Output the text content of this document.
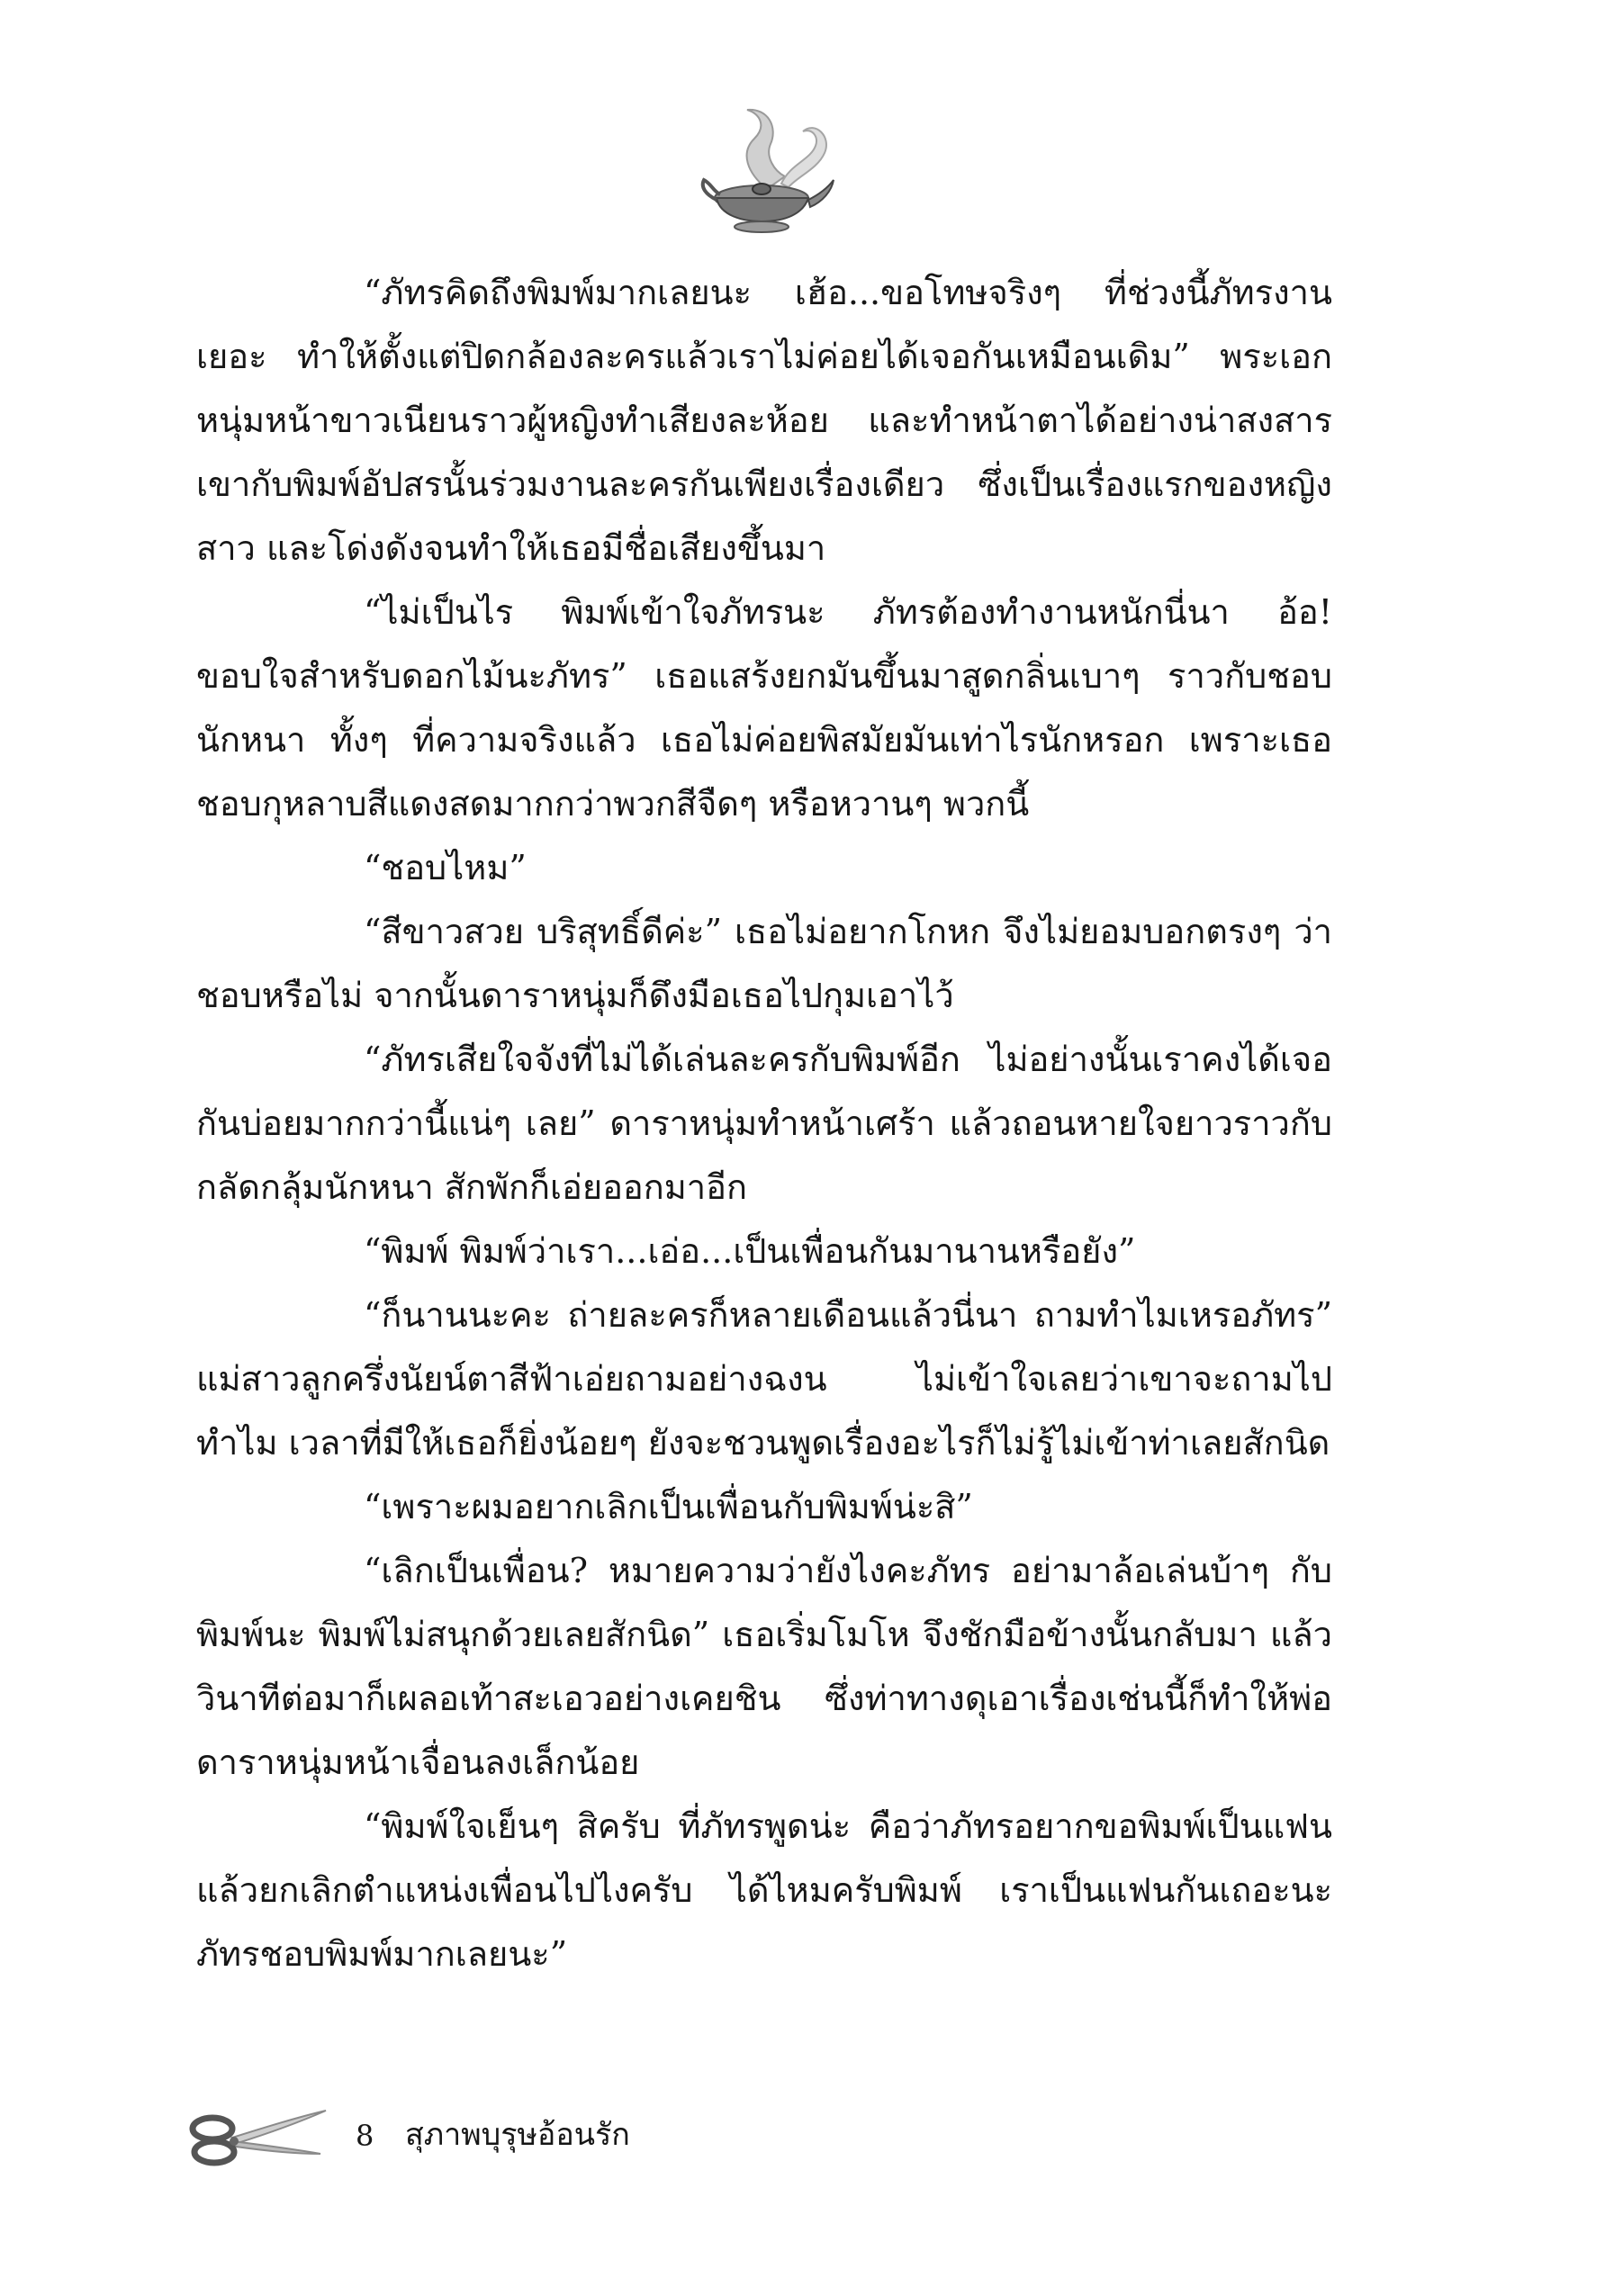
“ภัทรคิดถึงพิมพ์มากเลยนะ เฮ้อ...ขอโทษจริงๆ ที่ช่วงนี้ภัทรงานเยอะ ทำให้ตั้งแต่ปิดกล้องละครแล้วเราไม่ค่อยได้เจอกันเหมือนเดิม” พระเอกหนุ่มหน้าขาวเนียนราวผู้หญิงทำเสียงละห้อย และทำหน้าตาได้อย่างน่าสงสาร เขากับพิมพ์อัปสรนั้นร่วมงานละครกันเพียงเรื่องเดียว ซึ่งเป็นเรื่องแรกของหญิงสาว และโด่งดังจนทำให้เธอมีชื่อเสียงขึ้นมา

“ไม่เป็นไร พิมพ์เข้าใจภัทรนะ ภัทรต้องทำงานหนักนี่นา อ้อ! ขอบใจสำหรับดอกไม้นะภัทร” เธอแสร้งยกมันขึ้นมาสูดกลิ่นเบาๆ ราวกับชอบนักหนา ทั้งๆ ที่ความจริงแล้ว เธอไม่ค่อยพิสมัยมันเท่าไรนักหรอก เพราะเธอชอบกุหลาบสีแดงสดมากกว่าพวกสีจืดๆ หรือหวานๆ พวกนี้

“ชอบไหม”

“สีขาวสวย บริสุทธิ์ดีค่ะ” เธอไม่อยากโกหก จึงไม่ยอมบอกตรงๆ ว่าชอบหรือไม่ จากนั้นดาราหนุ่มก็ดึงมือเธอไปกุมเอาไว้

“ภัทรเสียใจจังที่ไม่ได้เล่นละครกับพิมพ์อีก ไม่อย่างนั้นเราคงได้เจอกันบ่อยมากกว่านี้แน่ๆ เลย” ดาราหนุ่มทำหน้าเศร้า แล้วถอนหายใจยาวราวกับกลัดกลุ้มนักหนา สักพักก็เอ่ยออกมาอีก

“พิมพ์ พิมพ์ว่าเรา...เอ่อ...เป็นเพื่อนกันมานานหรือยัง”

“ก็นานนะคะ ถ่ายละครก็หลายเดือนแล้วนี่นา ถามทำไมเหรอภัทร” แม่สาวลูกครึ่งนัยน์ตาสีฟ้าเอ่ยถามอย่างฉงน ไม่เข้าใจเลยว่าเขาจะถามไปทำไม เวลาที่มีให้เธอก็ยิ่งน้อยๆ ยังจะชวนพูดเรื่องอะไรก็ไม่รู้ไม่เข้าท่าเลยสักนิด

“เพราะผมอยากเลิกเป็นเพื่อนกับพิมพ์น่ะสิ”

“เลิกเป็นเพื่อน? หมายความว่ายังไงคะภัทร อย่ามาล้อเล่นบ้าๆ กับพิมพ์นะ พิมพ์ไม่สนุกด้วยเลยสักนิด” เธอเริ่มโมโห จึงชักมือข้างนั้นกลับมา แล้ววินาทีต่อมาก็เผลอเท้าสะเอวอย่างเคยชิน ซึ่งท่าทางดุเอาเรื่องเช่นนี้ก็ทำให้พ่อดาราหนุ่มหน้าเจื่อนลงเล็กน้อย

“พิมพ์ใจเย็นๆ สิครับ ที่ภัทรพูดน่ะ คือว่าภัทรอยากขอพิมพ์เป็นแฟน แล้วยกเลิกตำแหน่งเพื่อนไปไงครับ ได้ไหมครับพิมพ์ เราเป็นแฟนกันเถอะนะ ภัทรชอบพิมพ์มากเลยนะ”

8 สุภาพบุรุษอ้อนรัก
